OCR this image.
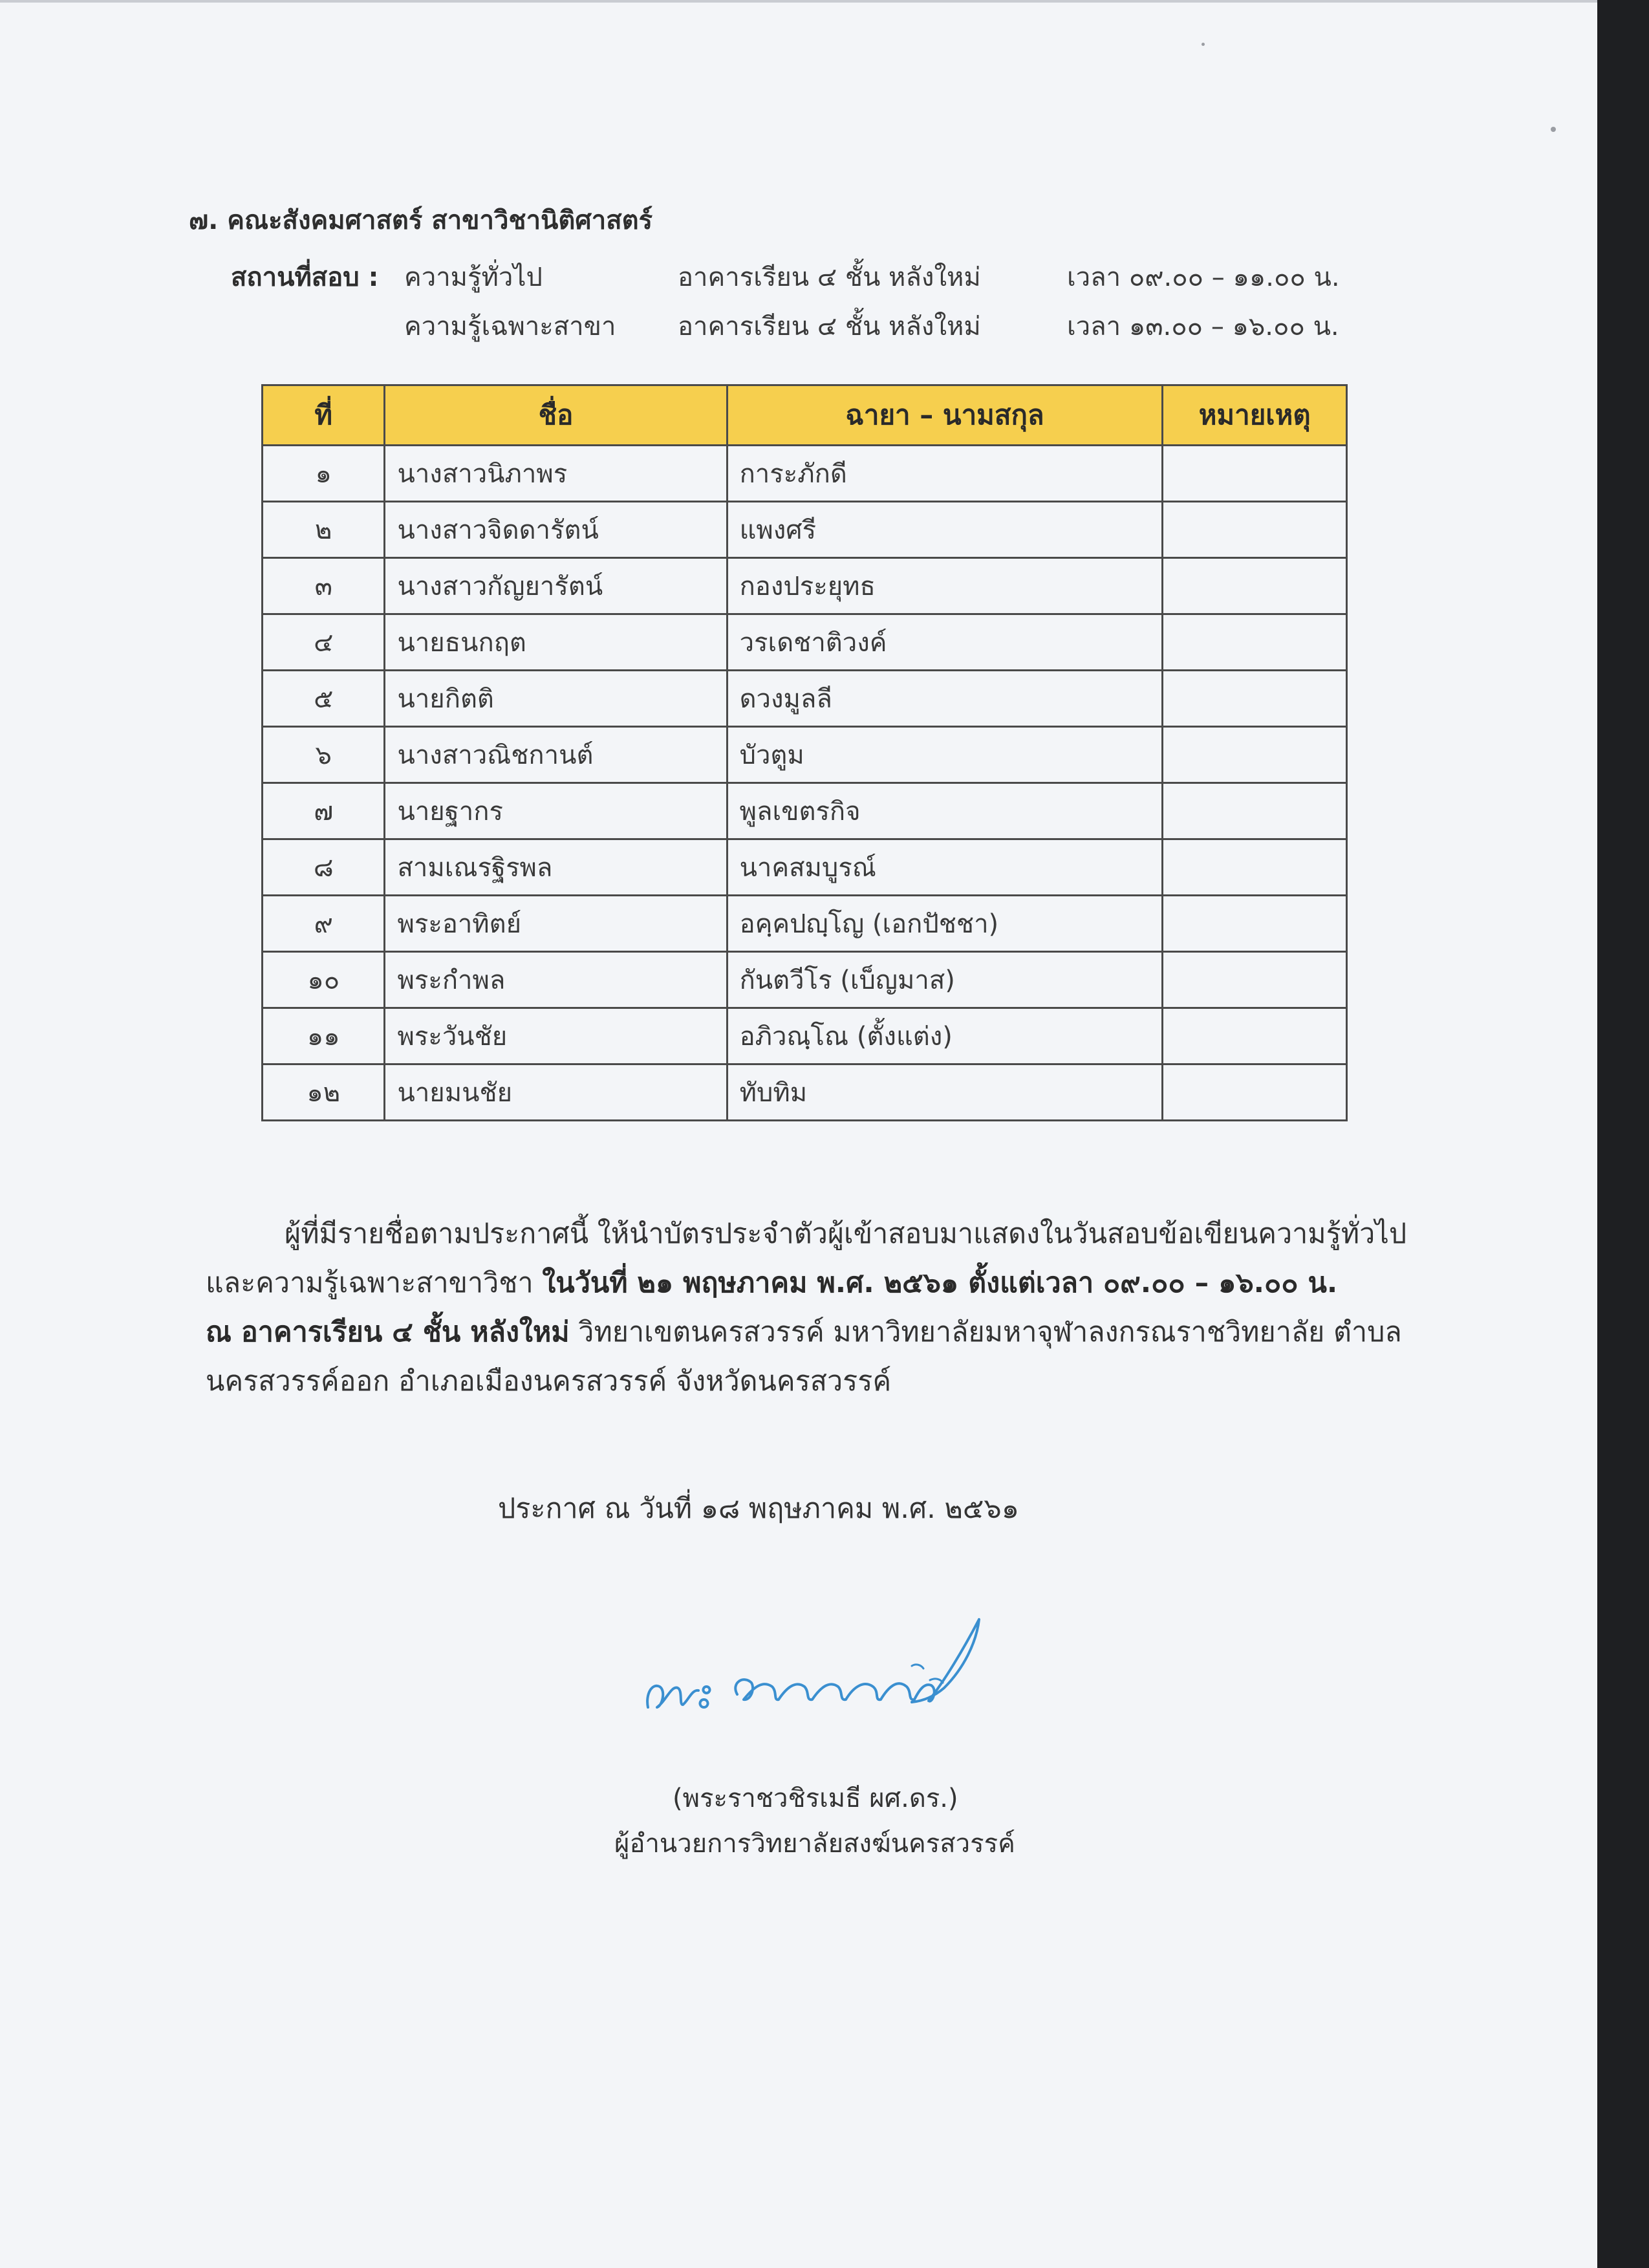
๗. คณะสังคมศาสตร์ สาขาวิชานิติศาสตร์
สถานที่สอบ : ความรู้ทั่วไป	อาคารเรียน ๔ ชั้น หลังใหม่	เวลา ๐๙.๐๐ – ๑๑.๐๐ น.
ความรู้เฉพาะสาขา อาคารเรียน ๔ ชั้น หลังใหม่	เวลา ๑๓.๐๐ – ๑๖.๐๐ น.
ที่	ชื่อ	ฉายา – นามสกุล	หมายเหตุ
๑	นางสาวนิภาพร	การะภักดี	
๒	นางสาวจิดดารัตน์	แพงศรี	
๓	นางสาวกัญยารัตน์	กองประยุทธ	
๔	นายธนกฤต	วรเดชาติวงค์	
๕	นายกิตติ	ดวงมูลลี	
๖	นางสาวณิชกานต์	บัวตูม	
๗	นายฐากร	พูลเขตรกิจ	
๘	สามเณรฐิรพล	นาคสมบูรณ์	
๙	พระอาทิตย์	อคฺคปญฺโญ (เอกปัชชา)	
๑๐	พระกำพล	กันตวีโร (เบ็ญมาส)	
๑๑	พระวันชัย	อภิวณฺโณ (ตั้งแต่ง)	
๑๒	นายมนชัย	ทับทิม	
ผู้ที่มีรายชื่อตามประกาศนี้ ให้นำบัตรประจำตัวผู้เข้าสอบมาแสดงในวันสอบข้อเขียนความรู้ทั่วไป
และความรู้เฉพาะสาขาวิชา ในวันที่ ๒๑ พฤษภาคม พ.ศ. ๒๕๖๑ ตั้งแต่เวลา ๐๙.๐๐ – ๑๖.๐๐ น.
ณ อาคารเรียน ๔ ชั้น หลังใหม่ วิทยาเขตนครสวรรค์ มหาวิทยาลัยมหาจุฬาลงกรณราชวิทยาลัย ตำบล
นครสวรรค์ออก อำเภอเมืองนครสวรรค์ จังหวัดนครสวรรค์
ประกาศ ณ วันที่ ๑๘ พฤษภาคม พ.ศ. ๒๕๖๑
(พระราชวชิรเมธี ผศ.ดร.)
ผู้อำนวยการวิทยาลัยสงฆ์นครสวรรค์
